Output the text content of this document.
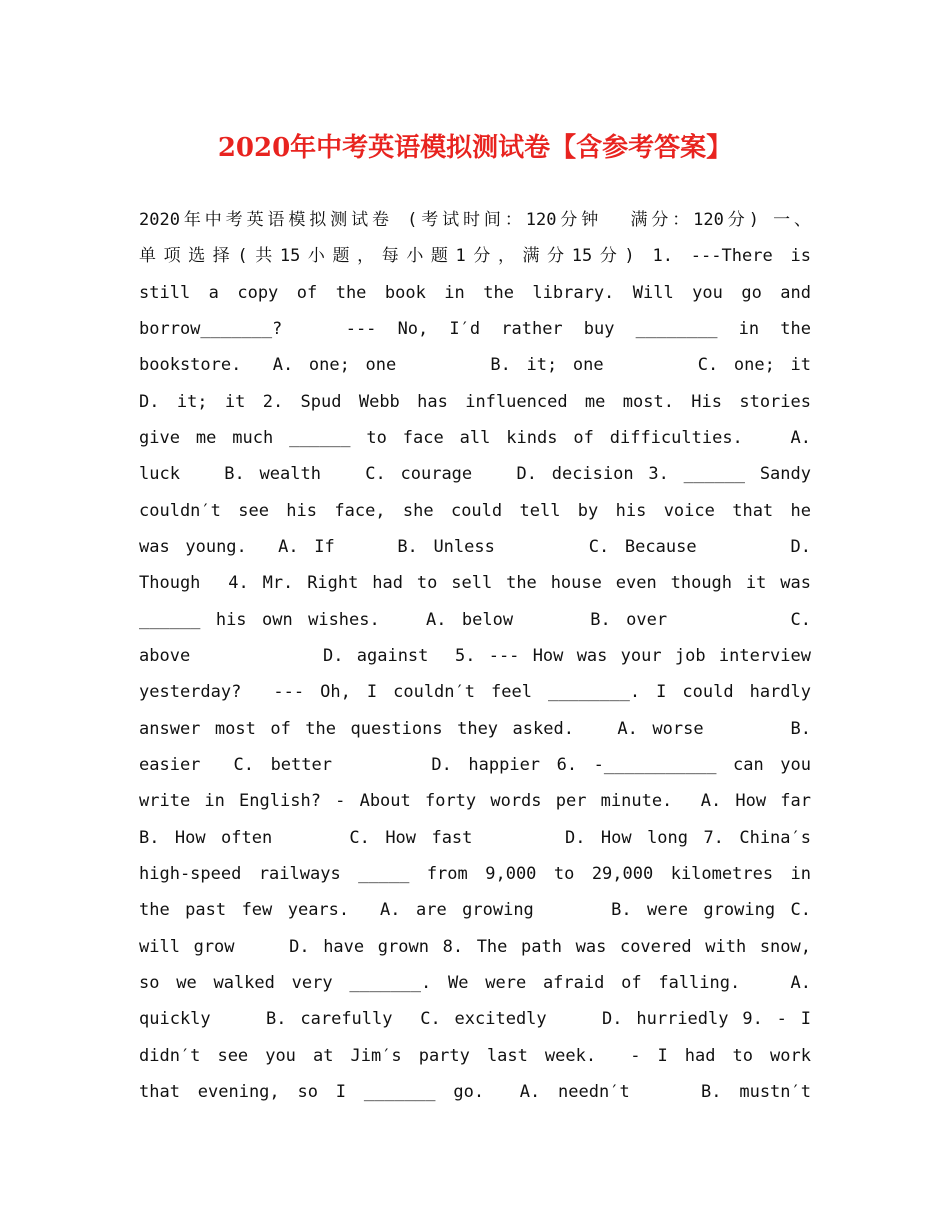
2020年中考英语模拟测试卷【含参考答案】
2020年中考英语模拟测试卷 (考试时间：120分钟  满分：120分) 一、
单项选择(共15小题，每小题1分，满分15分) 1. ---There is
still a copy of the book in the library. Will you go and
borrow_______?   --- No, I′d rather buy ________ in the
bookstore.  A. one; one      B. it; one      C. one; it
D. it; it 2. Spud Webb has influenced me most. His stories
give me much ______ to face all kinds of difficulties.   A.
luck   B. wealth   C. courage   D. decision 3. ______ Sandy
couldn′t see his face, she could tell by his voice that he
was young.  A. If    B. Unless      C. Because      D.
Though  4. Mr. Right had to sell the house even though it was
______ his own wishes.   A. below     B. over        C.
above          D. against  5. --- How was your job interview
yesterday?  --- Oh, I couldn′t feel ________. I could hardly
answer most of the questions they asked.   A. worse      B.
easier  C. better      D. happier 6. -___________ can you
write in English? - About forty words per minute.  A. How far
B. How often     C. How fast      D. How long 7. China′s
high-speed railways _____ from 9,000 to 29,000 kilometres in
the past few years.  A. are growing     B. were growing C.
will grow    D. have grown 8. The path was covered with snow,
so we walked very _______. We were afraid of falling.   A.
quickly    B. carefully  C. excitedly    D. hurriedly 9. - I
didn′t see you at Jim′s party last week.  - I had to work
that evening, so I _______ go.  A. needn′t    B. mustn′t
